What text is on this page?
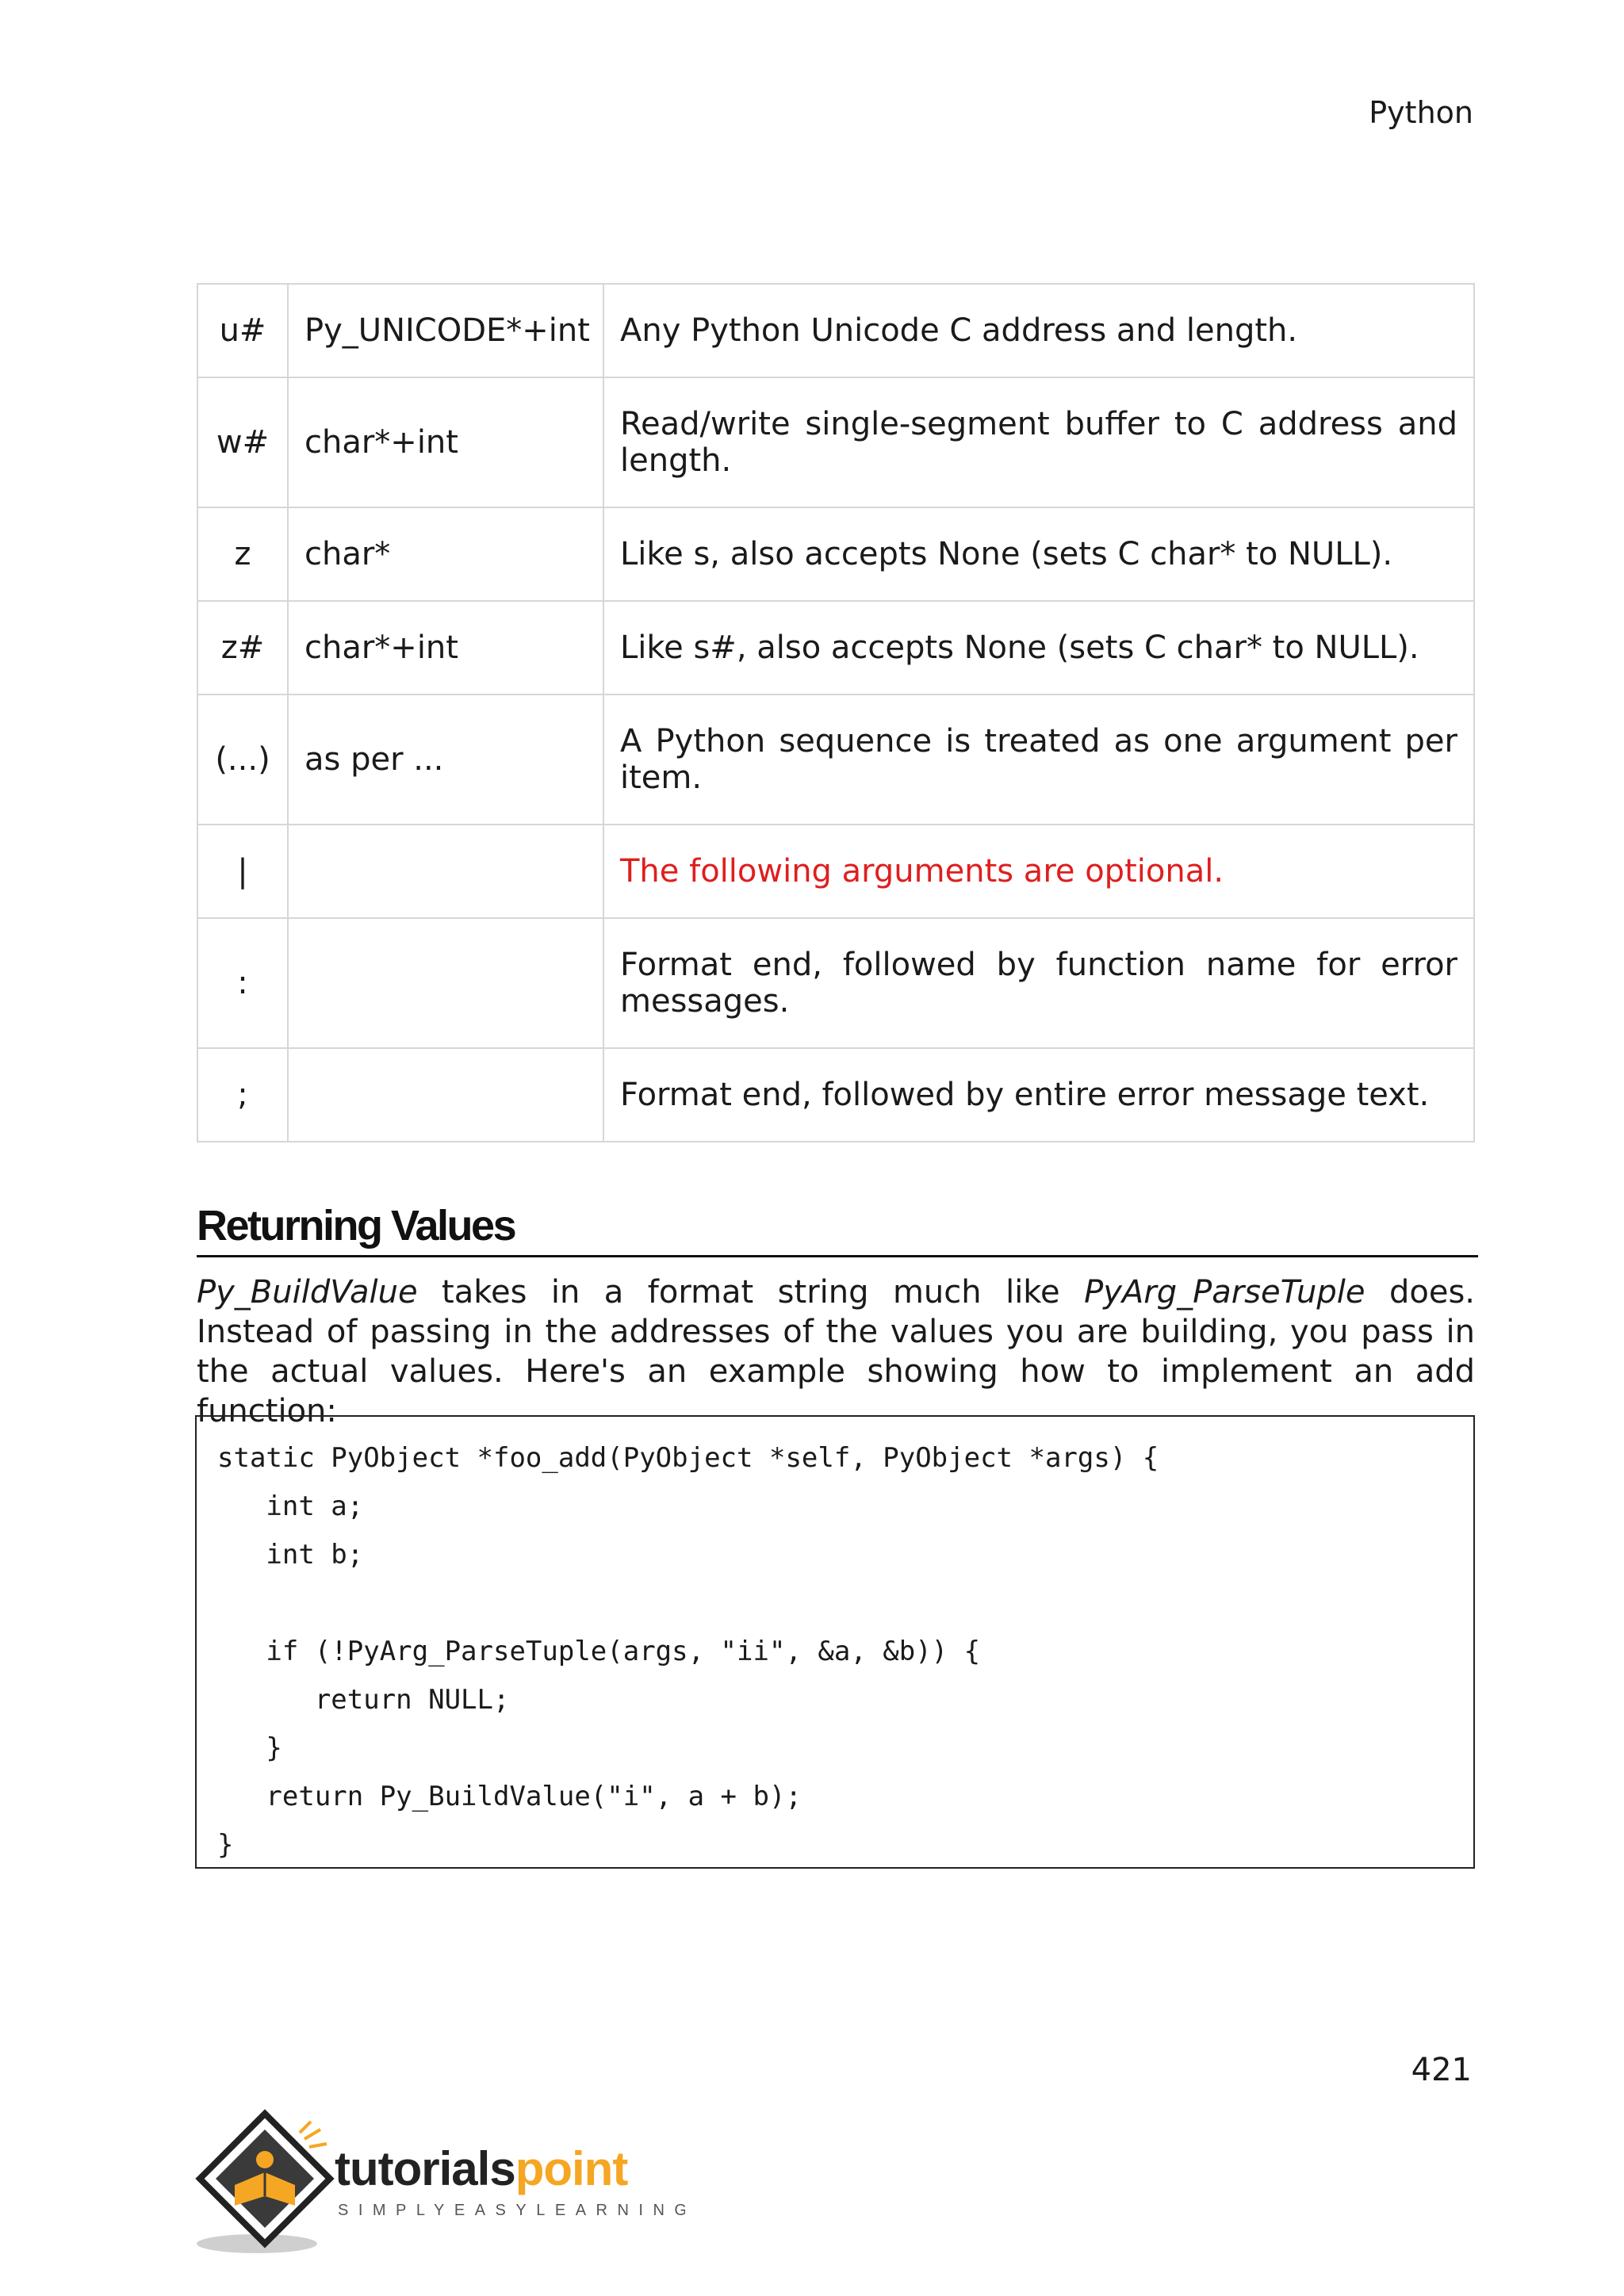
Python
u#	Py_UNICODE*+int	Any Python Unicode C address and length.
w#	char*+int	Read/write single-segment buffer to C address and length.
z	char*	Like s, also accepts None (sets C char* to NULL).
z#	char*+int	Like s#, also accepts None (sets C char* to NULL).
(...)	as per ...	A Python sequence is treated as one argument per item.
|		The following arguments are optional.
:		Format end, followed by function name for error messages.
;		Format end, followed by entire error message text.
Returning Values

Py_BuildValue takes in a format string much like PyArg_ParseTuple does. Instead of passing in the addresses of the values you are building, you pass in the actual values. Here's an example showing how to implement an add function:

static PyObject *foo_add(PyObject *self, PyObject *args) {
int a;
int b;
if (!PyArg_ParseTuple(args, "ii", &a, &b)) {
return NULL;
}
return Py_BuildValue("i", a + b);
}
421
tutorialspoint
SIMPLYEASYLEARNING
